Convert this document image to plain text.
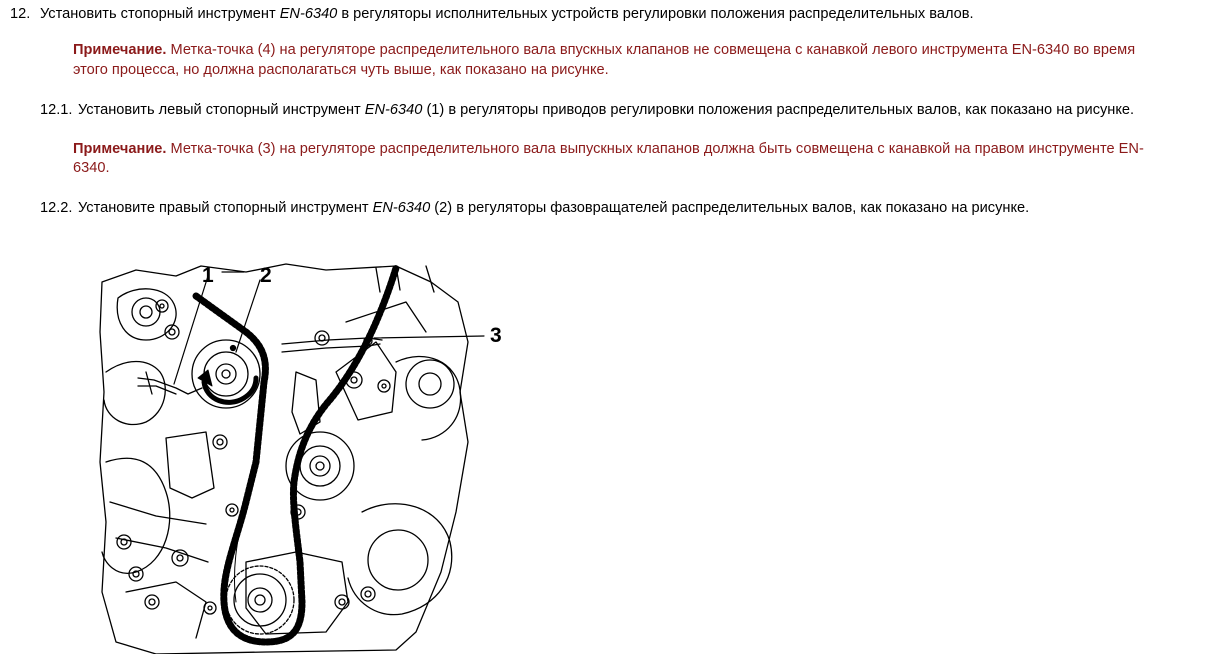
12. Установить стопорный инструмент EN-6340 в регуляторы исполнительных устройств регулировки положения распределительных валов.
Примечание. Метка-точка (4) на регуляторе распределительного вала впускных клапанов не совмещена с канавкой левого инструмента EN-6340 во время
этого процесса, но должна располагаться чуть выше, как показано на рисунке.
12.1. Установить левый стопорный инструмент EN-6340 (1) в регуляторы приводов регулировки положения распределительных валов, как показано на рисунке.
Примечание. Метка-точка (3) на регуляторе распределительного вала выпускных клапанов должна быть совмещена с канавкой на правом инструменте EN-
6340.
12.2. Установите правый стопорный инструмент EN-6340 (2) в регуляторы фазовращателей распределительных валов, как показано на рисунке.
1 2
3
